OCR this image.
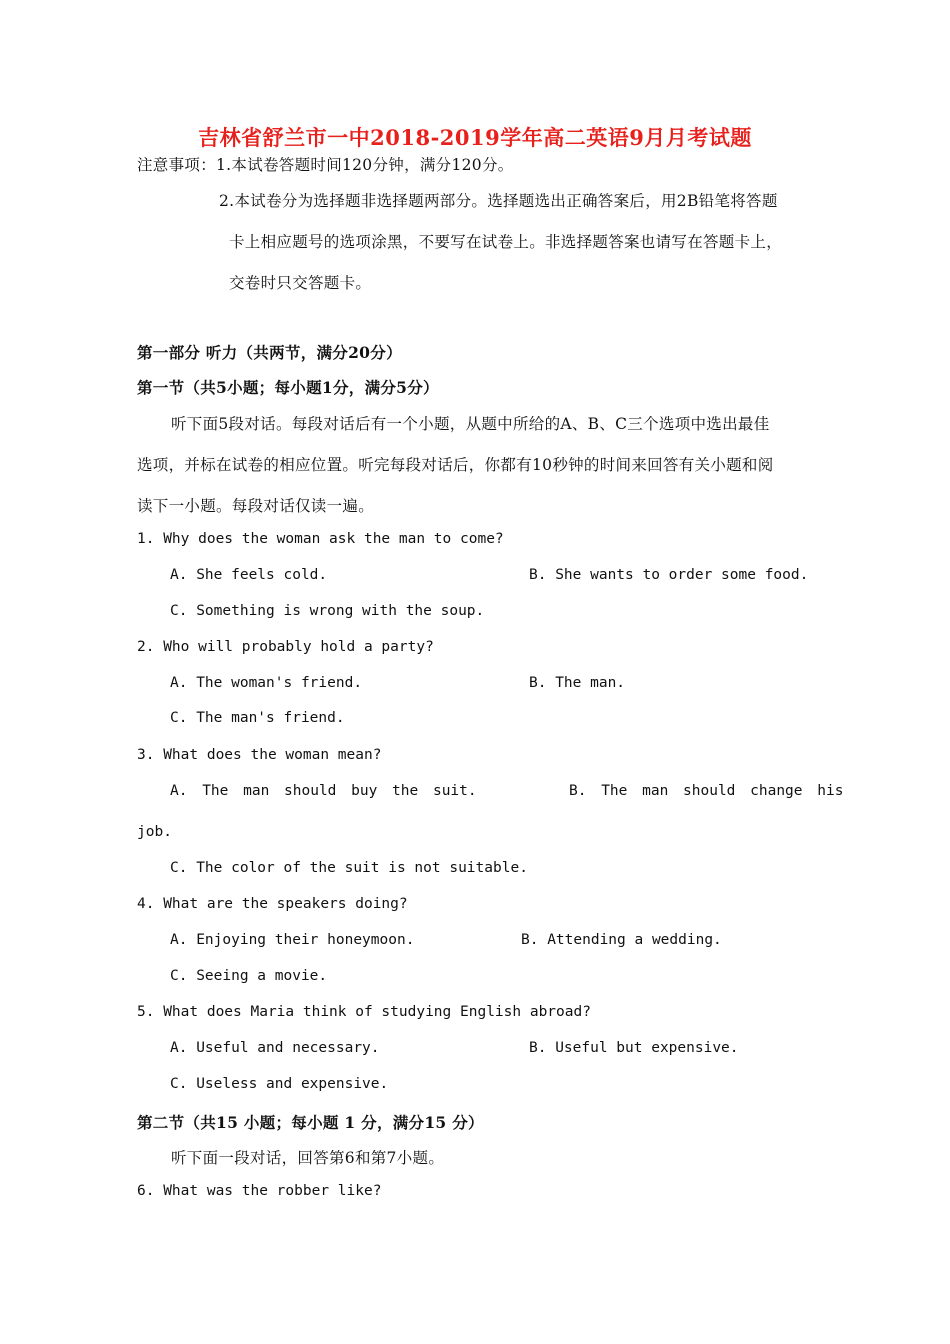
吉林省舒兰市一中2018-2019学年高二英语9月月考试题
注意事项：1.本试卷答题时间120分钟，满分120分。
2.本试卷分为选择题非选择题两部分。选择题选出正确答案后，用2B铅笔将答题
卡上相应题号的选项涂黑，不要写在试卷上。非选择题答案也请写在答题卡上，
交卷时只交答题卡。
第一部分 听力（共两节，满分20分）
第一节（共5小题；每小题1分，满分5分）
听下面5段对话。每段对话后有一个小题，从题中所给的A、B、C三个选项中选出最佳
选项，并标在试卷的相应位置。听完每段对话后，你都有10秒钟的时间来回答有关小题和阅
读下一小题。每段对话仅读一遍。
1. Why does the woman ask the man to come?
A. She feels cold.	B. She wants to order some food.
C. Something is wrong with the soup.
2. Who will probably hold a party?
A. The woman's friend.	B. The man.
C. The man's friend.
3. What does the woman mean?
A. The man should buy the suit.	B. The man should change his
job.
C. The color of the suit is not suitable.
4. What are the speakers doing?
A. Enjoying their honeymoon.	B. Attending a wedding.
C. Seeing a movie.
5. What does Maria think of studying English abroad?
A. Useful and necessary.	B. Useful but expensive.
C. Useless and expensive.
第二节（共15 小题；每小题 1 分，满分15 分）
听下面一段对话，回答第6和第7小题。
6. What was the robber like?
